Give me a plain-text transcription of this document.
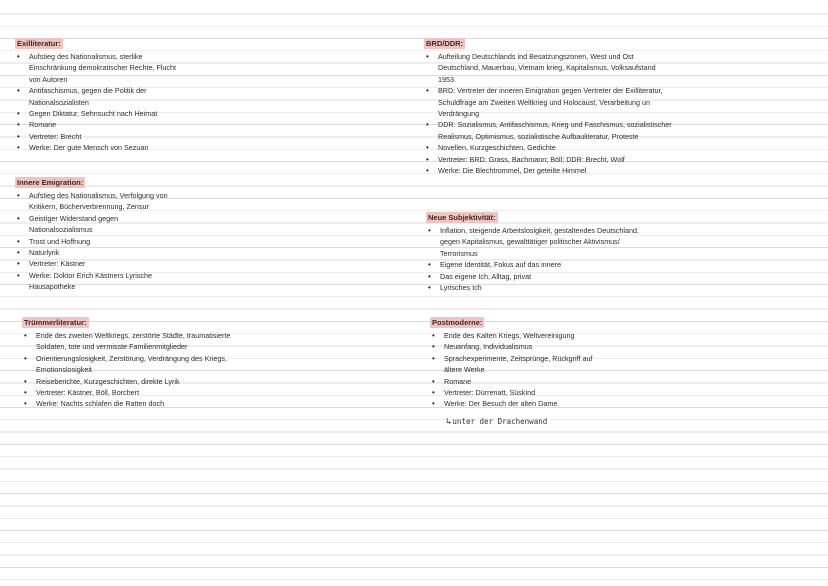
Exilliteratur:
• Aufstieg des Nationalismus, sterlike
Einschränkung demokratischer Rechte, Flucht
von Autoren
• Antifaschismus, gegen die Politik der
Nationalsozialisten
• Gegen Diktatur, Sehnsucht nach Heimat
• Romane
• Vertreter: Brecht
• Werke: Der gute Mensch von Sezuan
Innere Emigration:
• Aufstieg des Nationalismus, Verfolgung von
Kritikern, Bücherverbrennung, Zensur
• Geistiger Widerstand gegen
Nationalsozialismus
• Trost und Hoffnung
• Naturlyrik
• Vertreter: Kästner
• Werke: Doktor Erich Kästners Lyrische
Hausapotheke
Trümmerliteratur:
• Ende des zweiten Weltkriegs, zerstörte Städte, traumatisierte
Soldaten, tote und vermisste Familienmitglieder
• Orientierungslosigkeit, Zerstörung, Verdrängung des Kriegs,
Emotionslosigkeit
• Reiseberichte, Kurzgeschichten, direkte Lyrik
• Vertreter: Kästner, Böll, Borchert
• Werke: Nachts schlafen die Ratten doch
BRD/DDR:
• Aufteilung Deutschlands ind Besatzungszonen, West und Ost
Deutschland, Mauerbau, Vietnam krieg, Kapitalismus, Volksaufstand
1953
• BRD: Vertreter der inneren Emigration gegen Vertreter der Exilliteratur,
Schuldfrage am Zweiten Weltkrieg und Holocaust, Verarbeitung un
Verdrängung
• DDR: Sozialismus, Antifaschismus, Krieg und Faschismus, sozialistischer
Realismus, Optimismus, sozialistische Aufbauliteratur, Proteste
• Novellen, Kurzgeschichten, Gedichte
• Vertreter: BRD: Grass, Bachmann; Böll; DDR: Brecht, Wolf
• Werke: Die Blechtrommel, Der geteilte Himmel
Neue Subjektivität:
• Inflation, steigende Arbeitslosigkeit, gestaltendes Deutschland,
gegen Kapitalismus, gewalttätiger politischer Aktivismus/
Terrorismus
• Eigene Identität, Fokus auf das innere
• Das eigene Ich, Alltag, privat
• Lyrisches Ich
Postmoderne:
• Ende des Kalten Kriegs, Weltvereinigung
• Neuanfang, Individualismus
• Sprachexperimente, Zeitsprünge, Rückgriff auf
ältere Werke
• Romane
• Vertreter: Dürrenatt, Süskind
• Werke: Der Besuch der alten Dame
↳unter der Drachenwand
